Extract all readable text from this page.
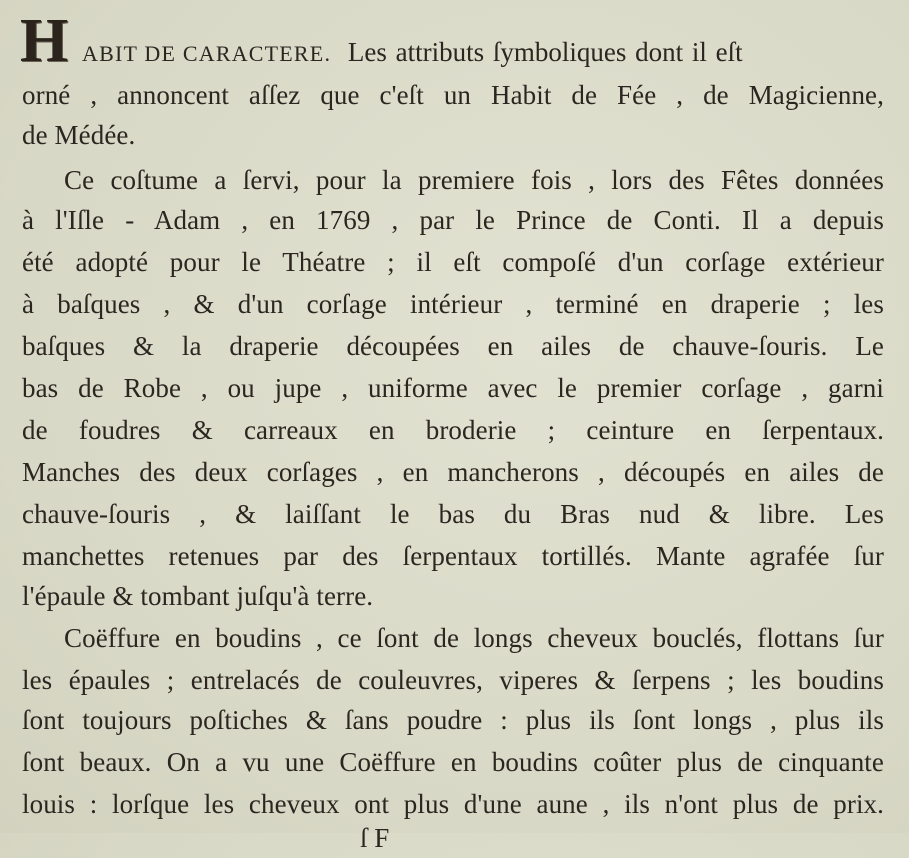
H ABIT DE CARACTERE. Les attributs ſymboliques dont il eſt
orné , annoncent aſſez que c'eſt un Habit de Fée , de Magicienne,
de Médée.
Ce coſtume a ſervi, pour la premiere fois , lors des Fêtes données
à l'Iſle - Adam , en 1769 , par le Prince de Conti. Il a depuis
été adopté pour le Théatre ; il eſt compoſé d'un corſage extérieur
à baſques , & d'un corſage intérieur , terminé en draperie ; les
baſques & la draperie découpées en ailes de chauve-ſouris. Le
bas de Robe , ou jupe , uniforme avec le premier corſage , garni
de foudres & carreaux en broderie ; ceinture en ſerpentaux.
Manches des deux corſages , en mancherons , découpés en ailes de
chauve-ſouris , & laiſſant le bas du Bras nud & libre. Les
manchettes retenues par des ſerpentaux tortillés. Mante agrafée ſur
l'épaule & tombant juſqu'à terre.
Coëffure en boudins , ce ſont de longs cheveux bouclés, flottans ſur
les épaules ; entrelacés de couleuvres, viperes & ſerpens ; les boudins
ſont toujours poſtiches & ſans poudre : plus ils ſont longs , plus ils
ſont beaux. On a vu une Coëffure en boudins coûter plus de cinquante
louis : lorſque les cheveux ont plus d'une aune , ils n'ont plus de prix.
ſ F
